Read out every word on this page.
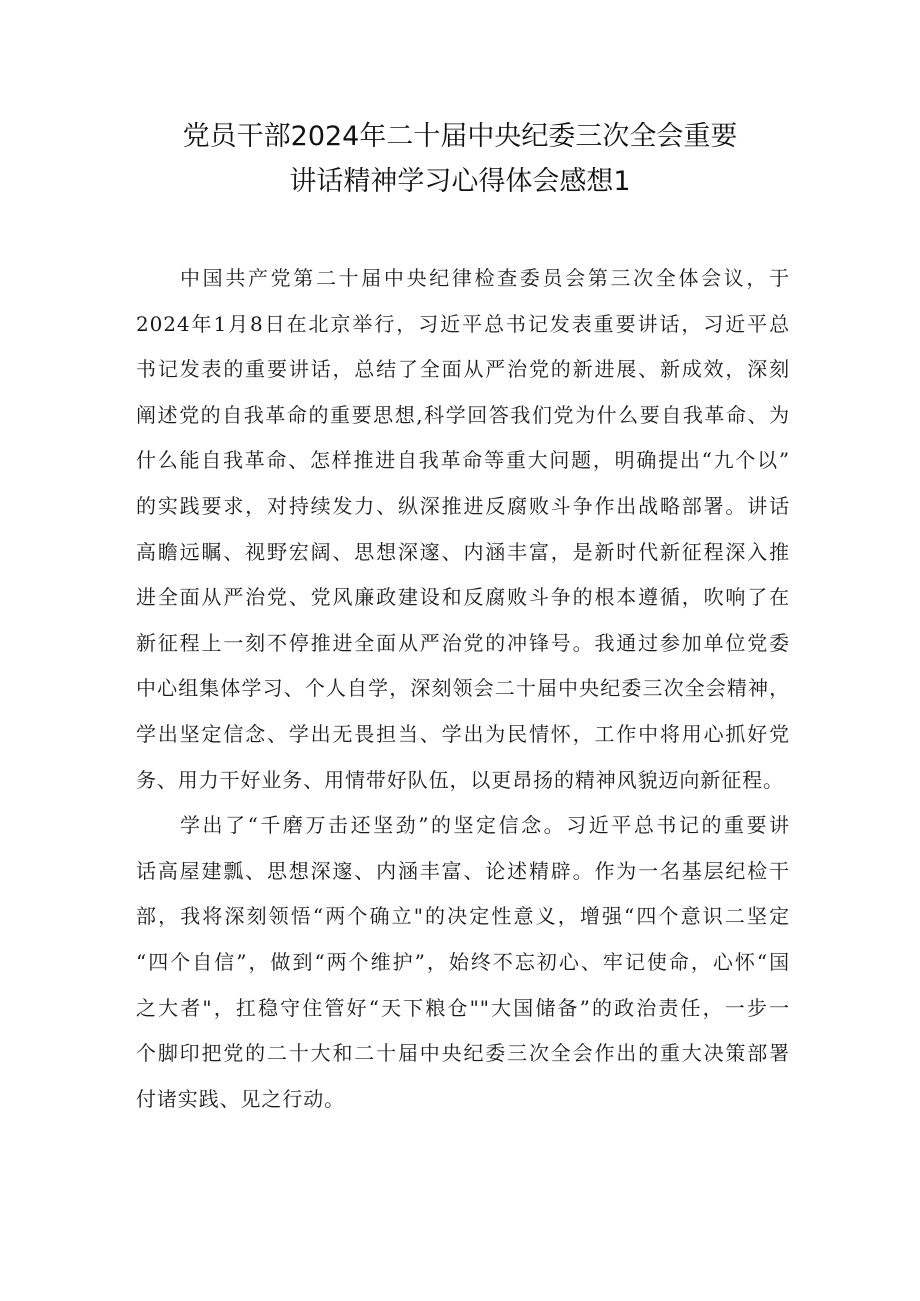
党员干部2024年二十届中央纪委三次全会重要
讲话精神学习心得体会感想1
中国共产党第二十届中央纪律检查委员会第三次全体会议，于
2024年1月8日在北京举行，习近平总书记发表重要讲话，习近平总
书记发表的重要讲话，总结了全面从严治党的新进展、新成效，深刻
阐述党的自我革命的重要思想,科学回答我们党为什么要自我革命、为
什么能自我革命、怎样推进自我革命等重大问题，明确提出“九个以”
的实践要求，对持续发力、纵深推进反腐败斗争作出战略部署。讲话
高瞻远瞩、视野宏阔、思想深邃、内涵丰富，是新时代新征程深入推
进全面从严治党、党风廉政建设和反腐败斗争的根本遵循，吹响了在
新征程上一刻不停推进全面从严治党的冲锋号。我通过参加单位党委
中心组集体学习、个人自学，深刻领会二十届中央纪委三次全会精神，
学出坚定信念、学出无畏担当、学出为民情怀，工作中将用心抓好党
务、用力干好业务、用情带好队伍，以更昂扬的精神风貌迈向新征程。
学出了“千磨万击还坚劲”的坚定信念。习近平总书记的重要讲
话高屋建瓢、思想深邃、内涵丰富、论述精辟。作为一名基层纪检干
部，我将深刻领悟“两个确立"的决定性意义，增强“四个意识二坚定
“四个自信”，做到“两个维护”，始终不忘初心、牢记使命，心怀“国
之大者"，扛稳守住管好“天下粮仓""大国储备”的政治责任，一步一
个脚印把党的二十大和二十届中央纪委三次全会作出的重大决策部署
付诸实践、见之行动。
